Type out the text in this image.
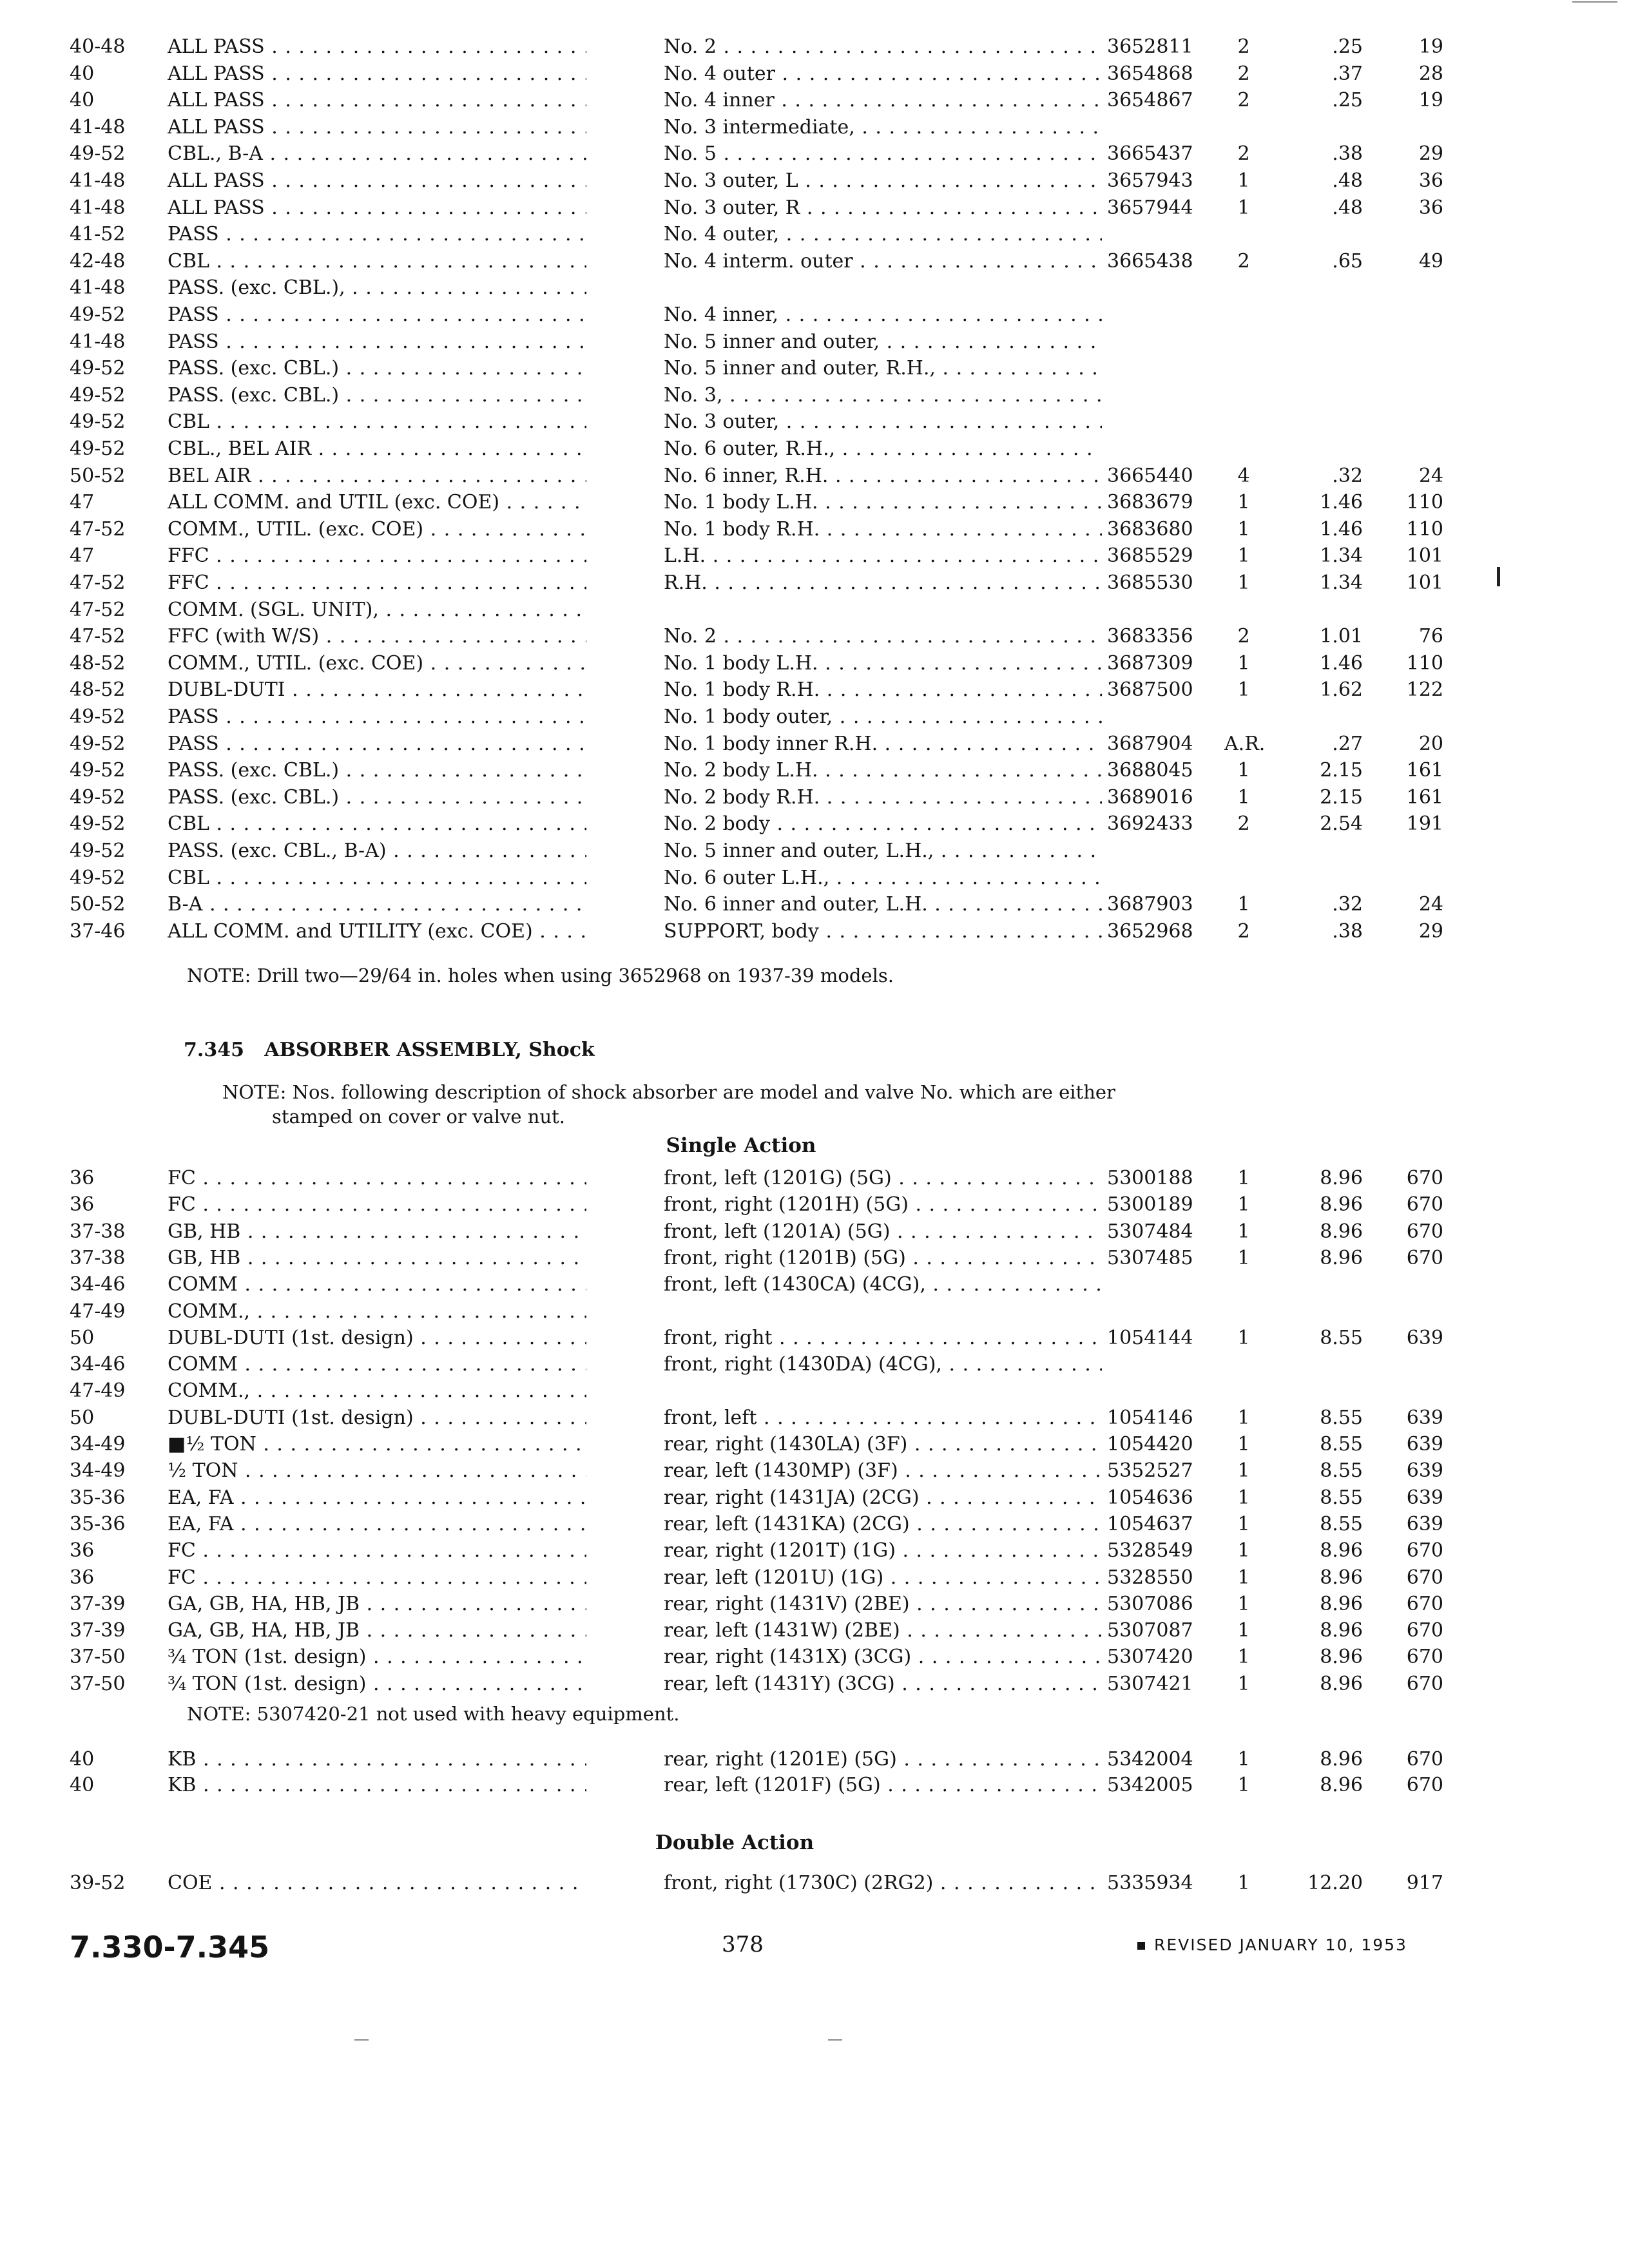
40-48	ALL PASS . . .	No. 2 . . .	3652811	2	.25	19
40	ALL PASS . . .	No. 4 outer . . .	3654868	2	.37	28
40	ALL PASS . . .	No. 4 inner . . .	3654867	2	.25	19
41-48	ALL PASS . . .	No. 3 intermediate, . . .
49-52	CBL., B-A . . .	No. 5 . . .	3665437	2	.38	29
41-48	ALL PASS . . .	No. 3 outer, L . . .	3657943	1	.48	36
41-48	ALL PASS . . .	No. 3 outer, R . . .	3657944	1	.48	36
41-52	PASS . . .	No. 4 outer, . . .
42-48	CBL . . .	No. 4 interm. outer . . .	3665438	2	.65	49
41-48	PASS. (exc. CBL.), . . .
49-52	PASS . . .	No. 4 inner, . . .
41-48	PASS . . .	No. 5 inner and outer, . . .
49-52	PASS. (exc. CBL.) . . .	No. 5 inner and outer, R.H., . . .
49-52	PASS. (exc. CBL.) . . .	No. 3, . . .
49-52	CBL . . .	No. 3 outer, . . .
49-52	CBL., BEL AIR . . .	No. 6 outer, R.H., . . .
50-52	BEL AIR . . .	No. 6 inner, R.H. . . .	3665440	4	.32	24
47	ALL COMM. and UTIL (exc. COE) . . .	No. 1 body L.H. . . .	3683679	1	1.46	110
47-52	COMM., UTIL. (exc. COE) . . .	No. 1 body R.H. . . .	3683680	1	1.46	110
47	FFC . . .	L.H. . . .	3685529	1	1.34	101
47-52	FFC . . .	R.H. . . .	3685530	1	1.34	101
47-52	COMM. (SGL. UNIT), . . .
47-52	FFC (with W/S) . . .	No. 2 . . .	3683356	2	1.01	76
48-52	COMM., UTIL. (exc. COE) . . .	No. 1 body L.H. . . .	3687309	1	1.46	110
48-52	DUBL-DUTI . . .	No. 1 body R.H. . . .	3687500	1	1.62	122
49-52	PASS . . .	No. 1 body outer, . . .
49-52	PASS . . .	No. 1 body inner R.H. . . .	3687904	A.R.	.27	20
49-52	PASS. (exc. CBL.) . . .	No. 2 body L.H. . . .	3688045	1	2.15	161
49-52	PASS. (exc. CBL.) . . .	No. 2 body R.H. . . .	3689016	1	2.15	161
49-52	CBL . . .	No. 2 body . . .	3692433	2	2.54	191
49-52	PASS. (exc. CBL., B-A) . . .	No. 5 inner and outer, L.H., . . .
49-52	CBL . . .	No. 6 outer L.H., . . .
50-52	B-A . . .	No. 6 inner and outer, L.H. . . .	3687903	1	.32	24
37-46	ALL COMM. and UTILITY (exc. COE) . . .	SUPPORT, body . . .	3652968	2	.38	29
NOTE: Drill two—29/64 in. holes when using 3652968 on 1937-39 models.
7.345 ABSORBER ASSEMBLY, Shock
NOTE: Nos. following description of shock absorber are model and valve No. which are either
stamped on cover or valve nut.
Single Action
36	FC . . .	front, left (1201G) (5G) . . .	5300188	1	8.96	670
36	FC . . .	front, right (1201H) (5G) . . .	5300189	1	8.96	670
37-38	GB, HB . . .	front, left (1201A) (5G) . . .	5307484	1	8.96	670
37-38	GB, HB . . .	front, right (1201B) (5G) . . .	5307485	1	8.96	670
34-46	COMM . . .	front, left (1430CA) (4CG), . . .
47-49	COMM., . . .
50	DUBL-DUTI (1st. design) . . .	front, right . . .	1054144	1	8.55	639
34-46	COMM . . .	front, right (1430DA) (4CG), . . .
47-49	COMM., . . .
50	DUBL-DUTI (1st. design) . . .	front, left . . .	1054146	1	8.55	639
34-49	■½ TON . . .	rear, right (1430LA) (3F) . . .	1054420	1	8.55	639
34-49	½ TON . . .	rear, left (1430MP) (3F) . . .	5352527	1	8.55	639
35-36	EA, FA . . .	rear, right (1431JA) (2CG) . . .	1054636	1	8.55	639
35-36	EA, FA . . .	rear, left (1431KA) (2CG) . . .	1054637	1	8.55	639
36	FC . . .	rear, right (1201T) (1G) . . .	5328549	1	8.96	670
36	FC . . .	rear, left (1201U) (1G) . . .	5328550	1	8.96	670
37-39	GA, GB, HA, HB, JB . . .	rear, right (1431V) (2BE) . . .	5307086	1	8.96	670
37-39	GA, GB, HA, HB, JB . . .	rear, left (1431W) (2BE) . . .	5307087	1	8.96	670
37-50	¾ TON (1st. design) . . .	rear, right (1431X) (3CG) . . .	5307420	1	8.96	670
37-50	¾ TON (1st. design) . . .	rear, left (1431Y) (3CG) . . .	5307421	1	8.96	670
NOTE: 5307420-21 not used with heavy equipment.
40	KB . . .	rear, right (1201E) (5G) . . .	5342004	1	8.96	670
40	KB . . .	rear, left (1201F) (5G) . . .	5342005	1	8.96	670
Double Action
39-52	COE . . .	front, right (1730C) (2RG2) . . .	5335934	1	12.20	917
7.330-7.345	378	REVISED JANUARY 10, 1953
